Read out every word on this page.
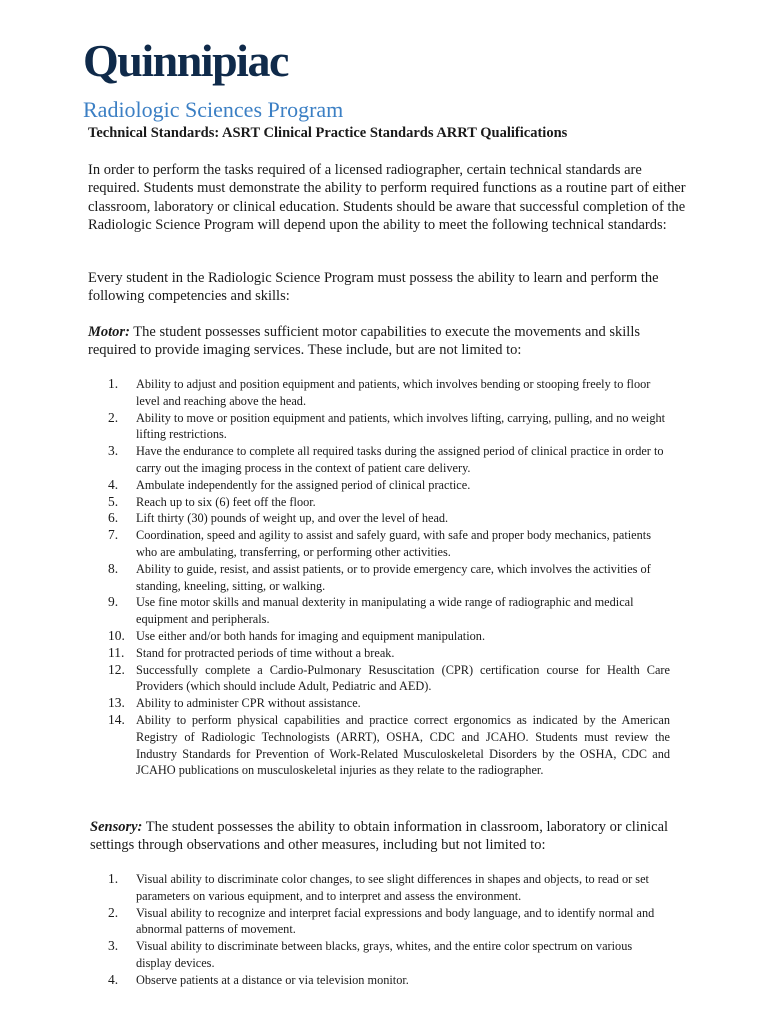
Quinnipiac
Radiologic Sciences Program
Technical Standards: ASRT Clinical Practice Standards ARRT Qualifications
In order to perform the tasks required of a licensed radiographer, certain technical standards are required. Students must demonstrate the ability to perform required functions as a routine part of either classroom, laboratory or clinical education. Students should be aware that successful completion of the Radiologic Science Program will depend upon the ability to meet the following technical standards:
Every student in the Radiologic Science Program must possess the ability to learn and perform the following competencies and skills:
Motor: The student possesses sufficient motor capabilities to execute the movements and skills required to provide imaging services. These include, but are not limited to:
1.	Ability to adjust and position equipment and patients, which involves bending or stooping freely to floor level and reaching above the head.
2.	Ability to move or position equipment and patients, which involves lifting, carrying, pulling, and no weight lifting restrictions.
3.	Have the endurance to complete all required tasks during the assigned period of clinical practice in order to carry out the imaging process in the context of patient care delivery.
4.	Ambulate independently for the assigned period of clinical practice.
5.	Reach up to six (6) feet off the floor.
6.	Lift thirty (30) pounds of weight up, and over the level of head.
7.	Coordination, speed and agility to assist and safely guard, with safe and proper body mechanics, patients who are ambulating, transferring, or performing other activities.
8.	Ability to guide, resist, and assist patients, or to provide emergency care, which involves the activities of standing, kneeling, sitting, or walking.
9.	Use fine motor skills and manual dexterity in manipulating a wide range of radiographic and medical equipment and peripherals.
10. Use either and/or both hands for imaging and equipment manipulation.
11. Stand for protracted periods of time without a break.
12. Successfully complete a Cardio-Pulmonary Resuscitation (CPR) certification course for Health Care Providers (which should include Adult, Pediatric and AED).
13. Ability to administer CPR without assistance.
14. Ability to perform physical capabilities and practice correct ergonomics as indicated by the American Registry of Radiologic Technologists (ARRT), OSHA, CDC and JCAHO. Students must review the Industry Standards for Prevention of Work-Related Musculoskeletal Disorders by the OSHA, CDC and JCAHO publications on musculoskeletal injuries as they relate to the radiographer.
Sensory: The student possesses the ability to obtain information in classroom, laboratory or clinical settings through observations and other measures, including but not limited to:
1.	Visual ability to discriminate color changes, to see slight differences in shapes and objects, to read or set parameters on various equipment, and to interpret and assess the environment.
2.	Visual ability to recognize and interpret facial expressions and body language, and to identify normal and abnormal patterns of movement.
3.	Visual ability to discriminate between blacks, grays, whites, and the entire color spectrum on various display devices.
4.	Observe patients at a distance or via television monitor.
